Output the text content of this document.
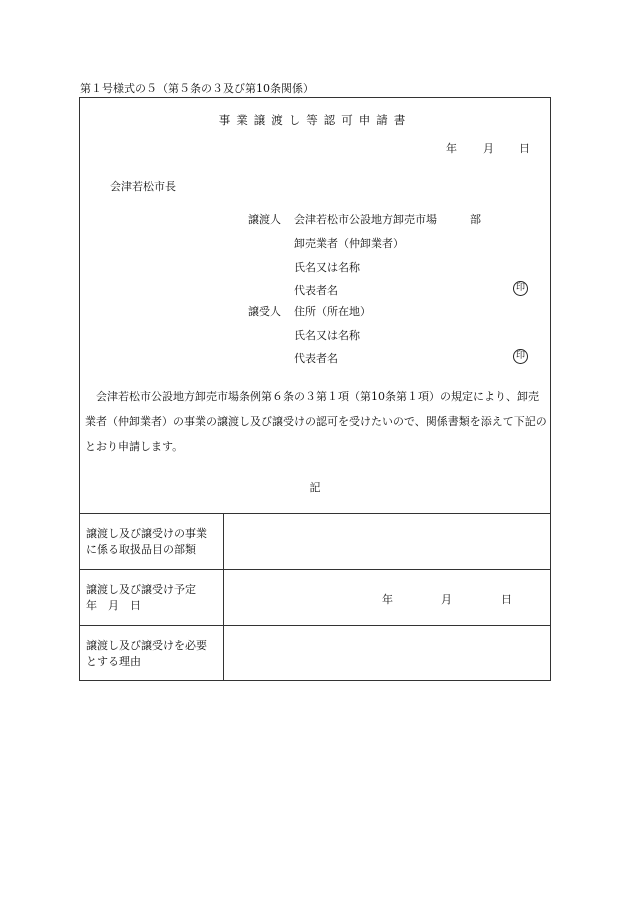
第１号様式の５（第５条の３及び第10条関係）
事業譲渡し等認可申請書
年 月 日
会津若松市長
譲渡人 会津若松市公設地方卸売市場	部
卸売業者（仲卸業者）
氏名又は名称
代表者名	印
譲受人 住所（所在地）
氏名又は名称
代表者名	印
会津若松市公設地方卸売市場条例第６条の３第１項（第10条第１項）の規定により、卸売業者（仲卸業者）の事業の譲渡し及び譲受けの認可を受けたいので、関係書類を添えて下記のとおり申請します。
記
譲渡し及び譲受けの事業
に係る取扱品目の部類
譲渡し及び譲受け予定
年　月　日	年	月	日
譲渡し及び譲受けを必要
とする理由
